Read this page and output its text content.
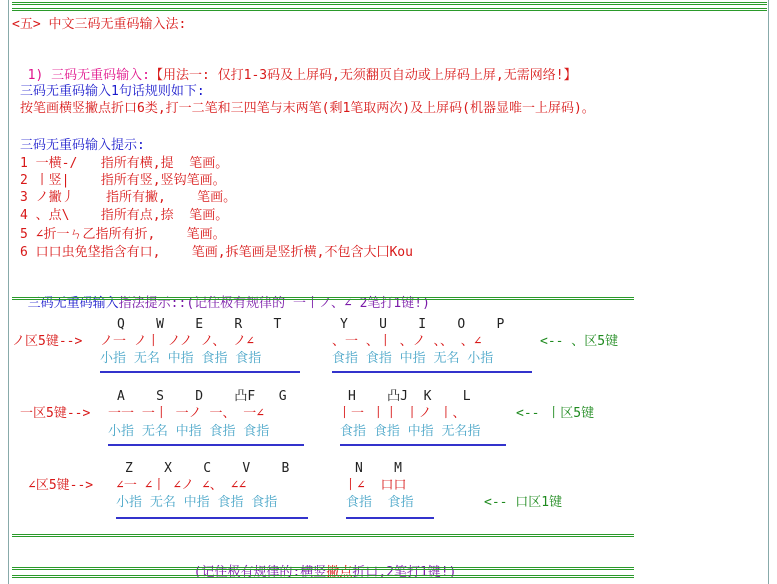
<五> 中文三码无重码输入法:

1) 三码无重码输入:【用法一: 仅打1-3码及上屏码,无须翻页自动或上屏码上屏,无需网络!】

三码无重码输入1句话规则如下:
按笔画横竖撇点折口6类,打一二笔和三四笔与末两笔(剩1笔取两次)及上屏码(机器显唯一上屏码)。
三码无重码输入提示:
1 一横-/   指所有横,提  笔画。
2 丨竖|    指所有竖,竖钩笔画。
3 ノ撇丿    指所有撇,    笔画。
4 、点\    指所有点,捺  笔画。
5 ∠折一ㄣ乙指所有折,    笔画。
6 口口虫免垡指含有口,    笔画,拆笔画是竖折横,不包含大囗Kou

三码无重码输入指法提示::(记住极有规律的 一丨ノ、∠ 2笔打1键!)

Q    W    E    R    T	Y    U    I    O    P
ノ区5键--> ノ一 ノ丨 ノノ ノ、 ノ∠	、一 、丨 、ノ 、、 、∠	<-- 、区5键
小指 无名 中指 食指 食指	食指 食指 中指 无名 小指
A    S    D    凸F   G	H    凸J  K    L
一区5键--> 一一 一丨 一ノ 一、 一∠	丨一 丨丨 丨ノ 丨、	<-- 丨区5键
小指 无名 中指 食指 食指	食指 食指 中指 无名指
Z    X    C    V    B	N    M
∠区5键--> ∠一 ∠丨 ∠ノ ∠、 ∠∠	丨∠  口口
小指 无名 中指 食指 食指	食指  食指	<-- 口区1键

(记住极有规律的:横竖撇点折口,2笔打1键!)
